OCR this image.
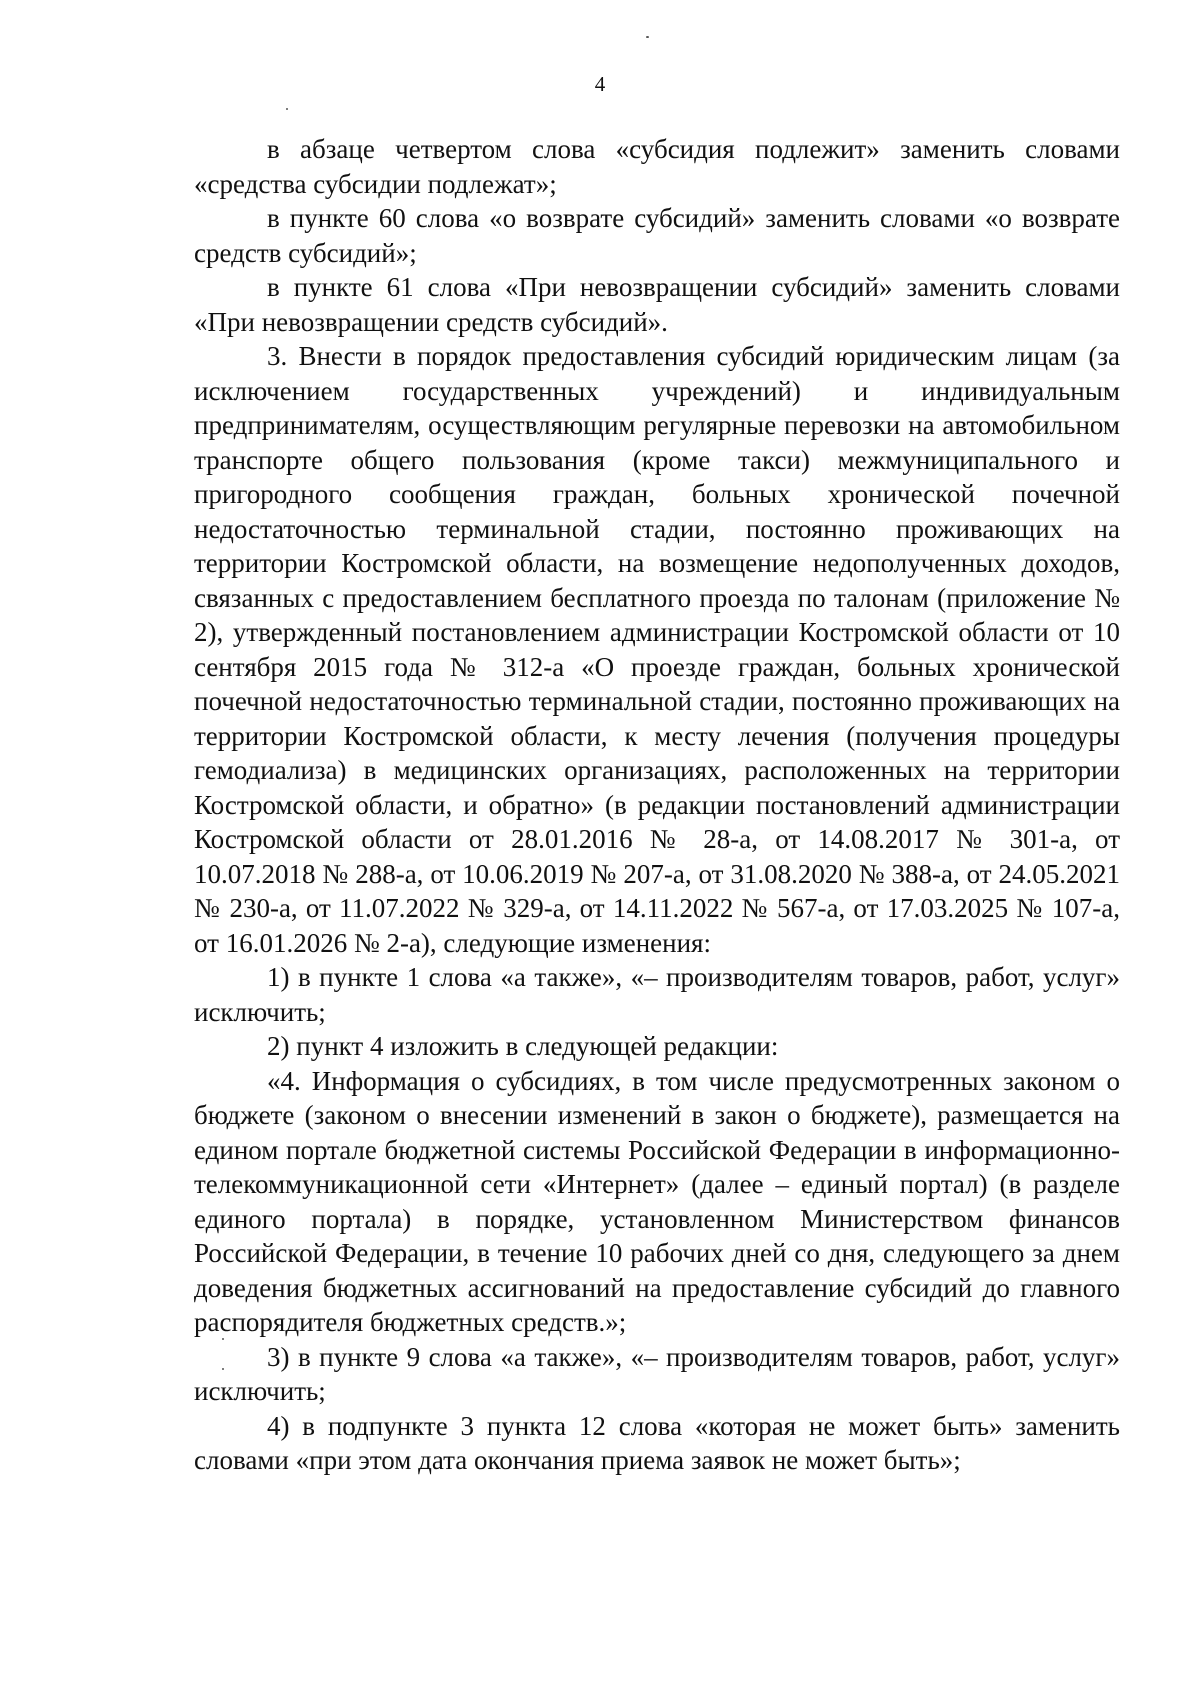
4

в абзаце четвертом слова «субсидия подлежит» заменить словами «средства субсидии подлежат»;

в пункте 60 слова «о возврате субсидий» заменить словами «о возврате средств субсидий»;

в пункте 61 слова «При невозвращении субсидий» заменить словами «При невозвращении средств субсидий».

3. Внести в порядок предоставления субсидий юридическим лицам (за исключением государственных учреждений) и индивидуальным предпринимателям, осуществляющим регулярные перевозки на автомобильном транспорте общего пользования (кроме такси) межмуниципального и пригородного сообщения граждан, больных хронической почечной недостаточностью терминальной стадии, постоянно проживающих на территории Костромской области, на возмещение недополученных доходов, связанных с предоставлением бесплатного проезда по талонам (приложение № 2), утвержденный постановлением администрации Костромской области от 10 сентября 2015 года № 312-а «О проезде граждан, больных хронической почечной недостаточностью терминальной стадии, постоянно проживающих на территории Костромской области, к месту лечения (получения процедуры гемодиализа) в медицинских организациях, расположенных на территории Костромской области, и обратно» (в редакции постановлений администрации Костромской области от 28.01.2016 № 28-а, от 14.08.2017 № 301-а, от 10.07.2018 № 288-а, от 10.06.2019 № 207-а, от 31.08.2020 № 388-а, от 24.05.2021 № 230-а, от 11.07.2022 № 329-а, от 14.11.2022 № 567-а, от 17.03.2025 № 107-а, от 16.01.2026 № 2-а), следующие изменения:

1) в пункте 1 слова «а также», «– производителям товаров, работ, услуг» исключить;

2) пункт 4 изложить в следующей редакции:

«4. Информация о субсидиях, в том числе предусмотренных законом о бюджете (законом о внесении изменений в закон о бюджете), размещается на едином портале бюджетной системы Российской Федерации в информационно-телекоммуникационной сети «Интернет» (далее – единый портал) (в разделе единого портала) в порядке, установленном Министерством финансов Российской Федерации, в течение 10 рабочих дней со дня, следующего за днем доведения бюджетных ассигнований на предоставление субсидий до главного распорядителя бюджетных средств.»;

3) в пункте 9 слова «а также», «– производителям товаров, работ, услуг» исключить;

4) в подпункте 3 пункта 12 слова «которая не может быть» заменить словами «при этом дата окончания приема заявок не может быть»;
